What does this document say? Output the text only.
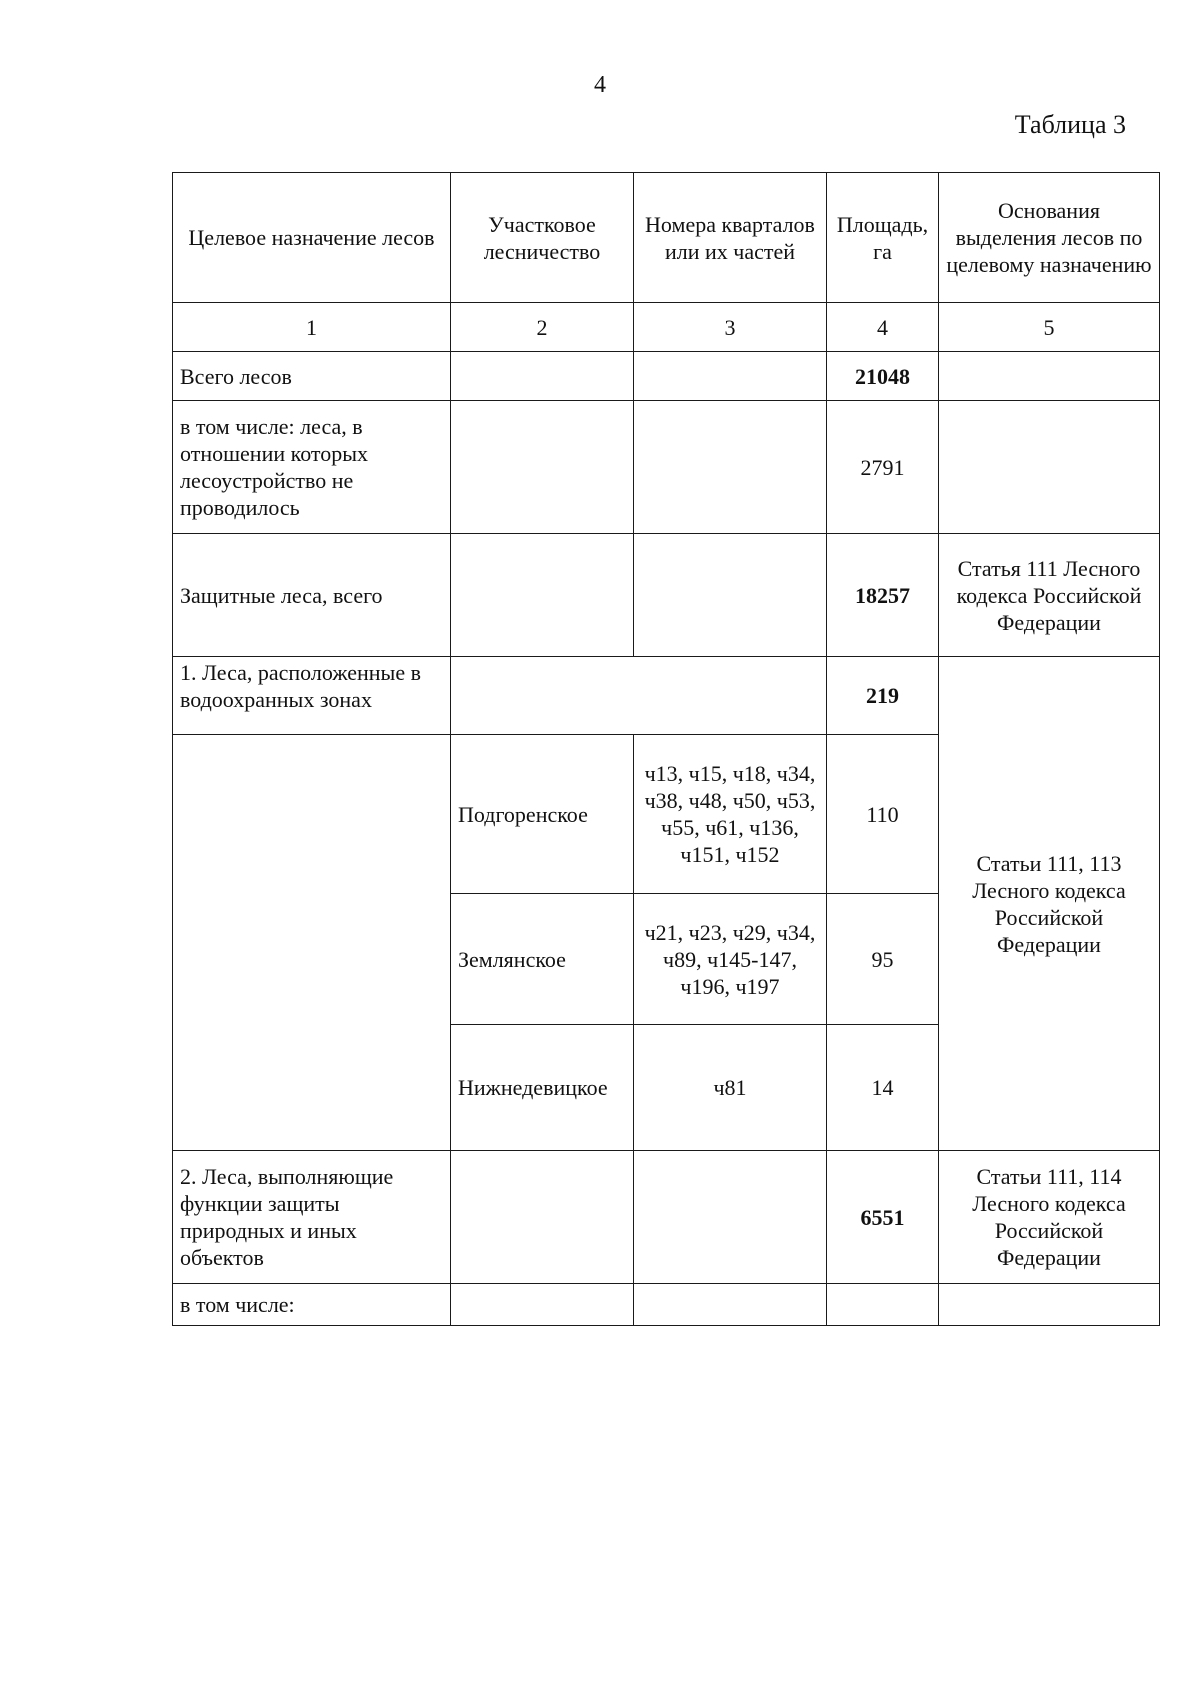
4
Таблица 3
Целевое назначение лесов	Участковое лесничество	Номера кварталов или их частей	Площадь, га	Основания выделения лесов по целевому назначению
1	2	3	4	5
Всего лесов			21048	
в том числе: леса, в отношении которых лесоустройство не проводилось			2791	
Защитные леса, всего			18257	Статья 111 Лесного кодекса Российской Федерации
1. Леса, расположенные в водоохранных зонах			219	Статьи 111, 113 Лесного кодекса Российской Федерации
	Подгоренское	ч13, ч15, ч18, ч34, ч38, ч48, ч50, ч53, ч55, ч61, ч136, ч151, ч152	110	
	Землянское	ч21, ч23, ч29, ч34, ч89, ч145-147, ч196, ч197	95	
	Нижнедевицкое	ч81	14	
2. Леса, выполняющие функции защиты природных и иных объектов			6551	Статьи 111, 114 Лесного кодекса Российской Федерации
в том числе:				
